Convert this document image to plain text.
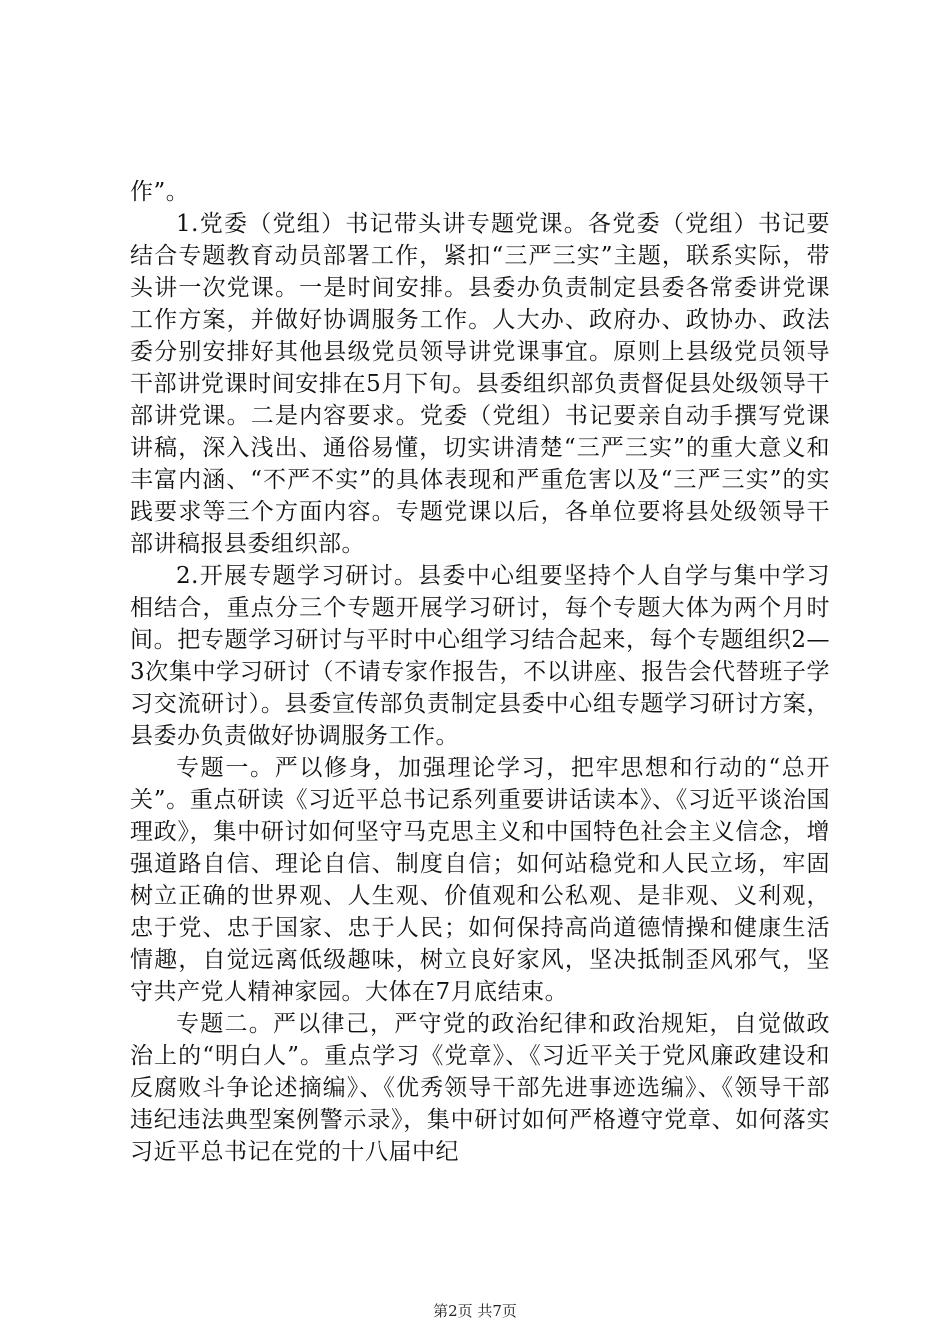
作”。

1.党委（党组）书记带头讲专题党课。各党委（党组）书记要结合专题教育动员部署工作，紧扣“三严三实”主题，联系实际，带头讲一次党课。一是时间安排。县委办负责制定县委各常委讲党课工作方案，并做好协调服务工作。人大办、政府办、政协办、政法委分别安排好其他县级党员领导讲党课事宜。原则上县级党员领导干部讲党课时间安排在5月下旬。县委组织部负责督促县处级领导干部讲党课。二是内容要求。党委（党组）书记要亲自动手撰写党课讲稿，深入浅出、通俗易懂，切实讲清楚“三严三实”的重大意义和丰富内涵、“不严不实”的具体表现和严重危害以及“三严三实”的实践要求等三个方面内容。专题党课以后，各单位要将县处级领导干部讲稿报县委组织部。

2.开展专题学习研讨。县委中心组要坚持个人自学与集中学习相结合，重点分三个专题开展学习研讨，每个专题大体为两个月时间。把专题学习研讨与平时中心组学习结合起来，每个专题组织2—3次集中学习研讨（不请专家作报告，不以讲座、报告会代替班子学习交流研讨）。县委宣传部负责制定县委中心组专题学习研讨方案，县委办负责做好协调服务工作。

专题一。严以修身，加强理论学习，把牢思想和行动的“总开关”。重点研读《习近平总书记系列重要讲话读本》、《习近平谈治国理政》，集中研讨如何坚守马克思主义和中国特色社会主义信念，增强道路自信、理论自信、制度自信；如何站稳党和人民立场，牢固树立正确的世界观、人生观、价值观和公私观、是非观、义利观，忠于党、忠于国家、忠于人民；如何保持高尚道德情操和健康生活情趣，自觉远离低级趣味，树立良好家风，坚决抵制歪风邪气，坚守共产党人精神家园。大体在7月底结束。

专题二。严以律己，严守党的政治纪律和政治规矩，自觉做政治上的“明白人”。重点学习《党章》、《习近平关于党风廉政建设和反腐败斗争论述摘编》、《优秀领导干部先进事迹选编》、《领导干部违纪违法典型案例警示录》，集中研讨如何严格遵守党章、如何落实习近平总书记在党的十八届中纪

第2页 共7页
